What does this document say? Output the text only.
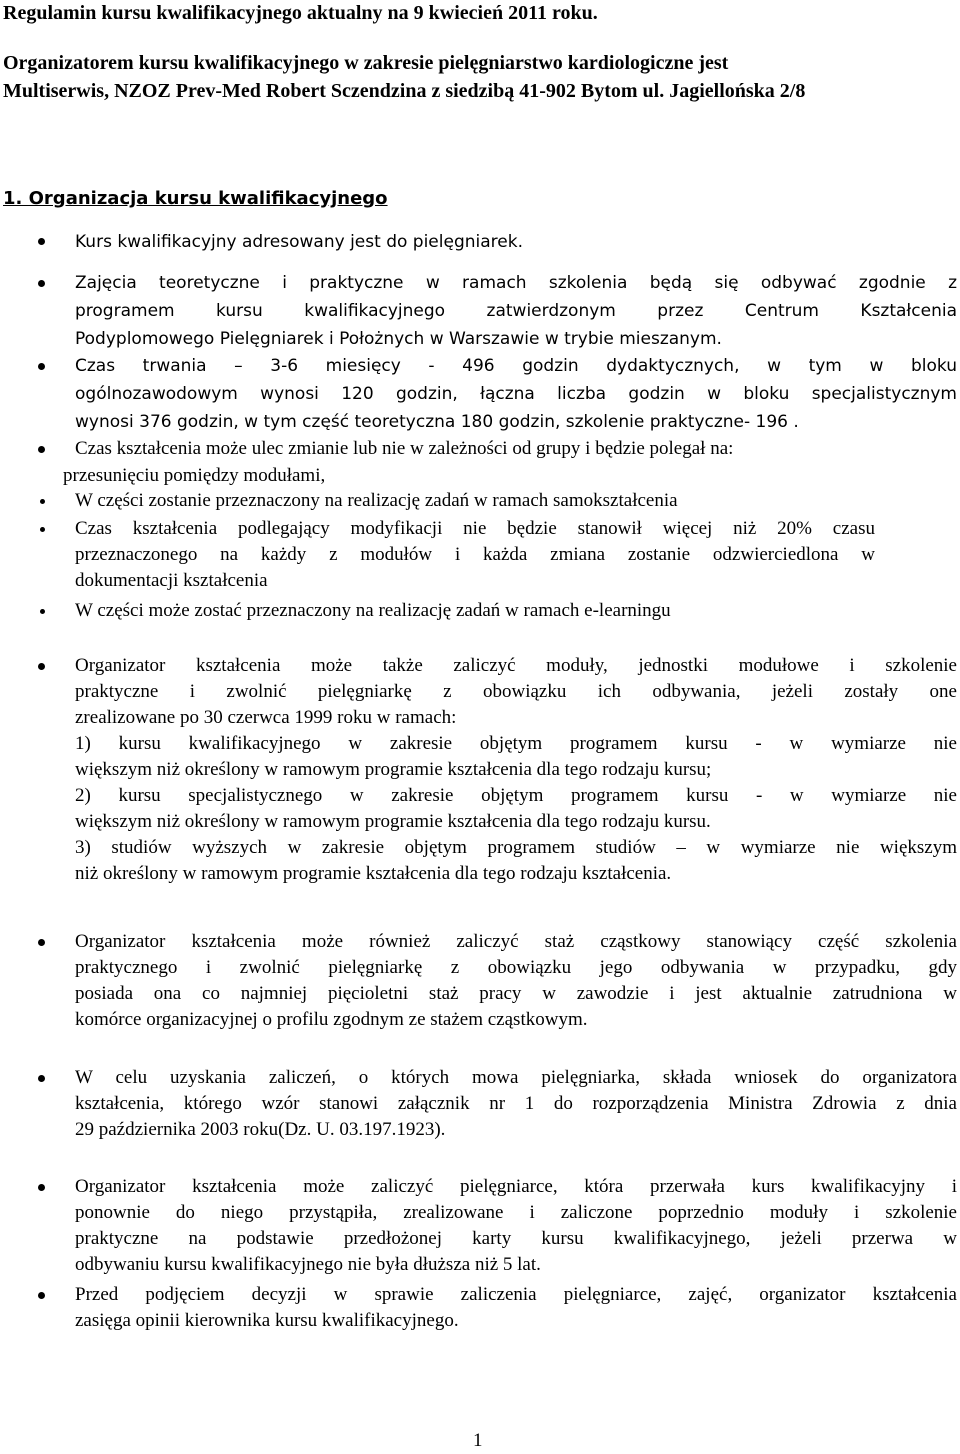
Regulamin kursu kwalifikacyjnego aktualny na 9 kwiecień 2011 roku.
Organizatorem kursu kwalifikacyjnego w zakresie pielęgniarstwo kardiologiczne jest
Multiserwis, NZOZ Prev-Med Robert Sczendzina z siedzibą 41-902 Bytom ul. Jagiellońska 2/8
1. Organizacja kursu kwalifikacyjnego
Kurs kwalifikacyjny adresowany jest do pielęgniarek.
Zajęcia teoretyczne i praktyczne w ramach szkolenia będą się odbywać zgodnie z
programem kursu kwalifikacyjnego zatwierdzonym przez Centrum Kształcenia
Podyplomowego Pielęgniarek i Położnych w Warszawie w trybie mieszanym.
Czas trwania – 3-6 miesięcy - 496 godzin dydaktycznych, w tym w bloku
ogólnozawodowym wynosi 120 godzin, łączna liczba godzin w bloku specjalistycznym
wynosi 376 godzin, w tym część teoretyczna 180 godzin, szkolenie praktyczne- 196 .
Czas kształcenia może ulec zmianie lub nie w zależności od grupy i będzie polegał na:
przesunięciu pomiędzy modułami,
W części zostanie przeznaczony na realizację zadań w ramach samokształcenia
Czas kształcenia podlegający modyfikacji nie będzie stanowił więcej niż 20% czasu
przeznaczonego na każdy z modułów i każda zmiana zostanie odzwierciedlona w
dokumentacji kształcenia
W części może zostać przeznaczony na realizację zadań w ramach e-learningu
Organizator kształcenia może także zaliczyć moduły, jednostki modułowe i szkolenie
praktyczne i zwolnić pielęgniarkę z obowiązku ich odbywania, jeżeli zostały one
zrealizowane po 30 czerwca 1999 roku w ramach:
1) kursu kwalifikacyjnego w zakresie objętym programem kursu - w wymiarze nie
większym niż określony w ramowym programie kształcenia dla tego rodzaju kursu;
2) kursu specjalistycznego w zakresie objętym programem kursu - w wymiarze nie
większym niż określony w ramowym programie kształcenia dla tego rodzaju kursu.
3) studiów wyższych w zakresie objętym programem studiów – w wymiarze nie większym
niż określony w ramowym programie kształcenia dla tego rodzaju kształcenia.
Organizator kształcenia może również zaliczyć staż cząstkowy stanowiący część szkolenia
praktycznego i zwolnić pielęgniarkę z obowiązku jego odbywania w przypadku, gdy
posiada ona co najmniej pięcioletni staż pracy w zawodzie i jest aktualnie zatrudniona w
komórce organizacyjnej o profilu zgodnym ze stażem cząstkowym.
W celu uzyskania zaliczeń, o których mowa pielęgniarka, składa wniosek do organizatora
kształcenia, którego wzór stanowi załącznik nr 1 do rozporządzenia Ministra Zdrowia z dnia
29 października 2003 roku(Dz. U. 03.197.1923).
Organizator kształcenia może zaliczyć pielęgniarce, która przerwała kurs kwalifikacyjny i
ponownie do niego przystąpiła, zrealizowane i zaliczone poprzednio moduły i szkolenie
praktyczne na podstawie przedłożonej karty kursu kwalifikacyjnego, jeżeli przerwa w
odbywaniu kursu kwalifikacyjnego nie była dłuższa niż 5 lat.
Przed podjęciem decyzji w sprawie zaliczenia pielęgniarce, zajęć, organizator kształcenia
zasięga opinii kierownika kursu kwalifikacyjnego.
1
